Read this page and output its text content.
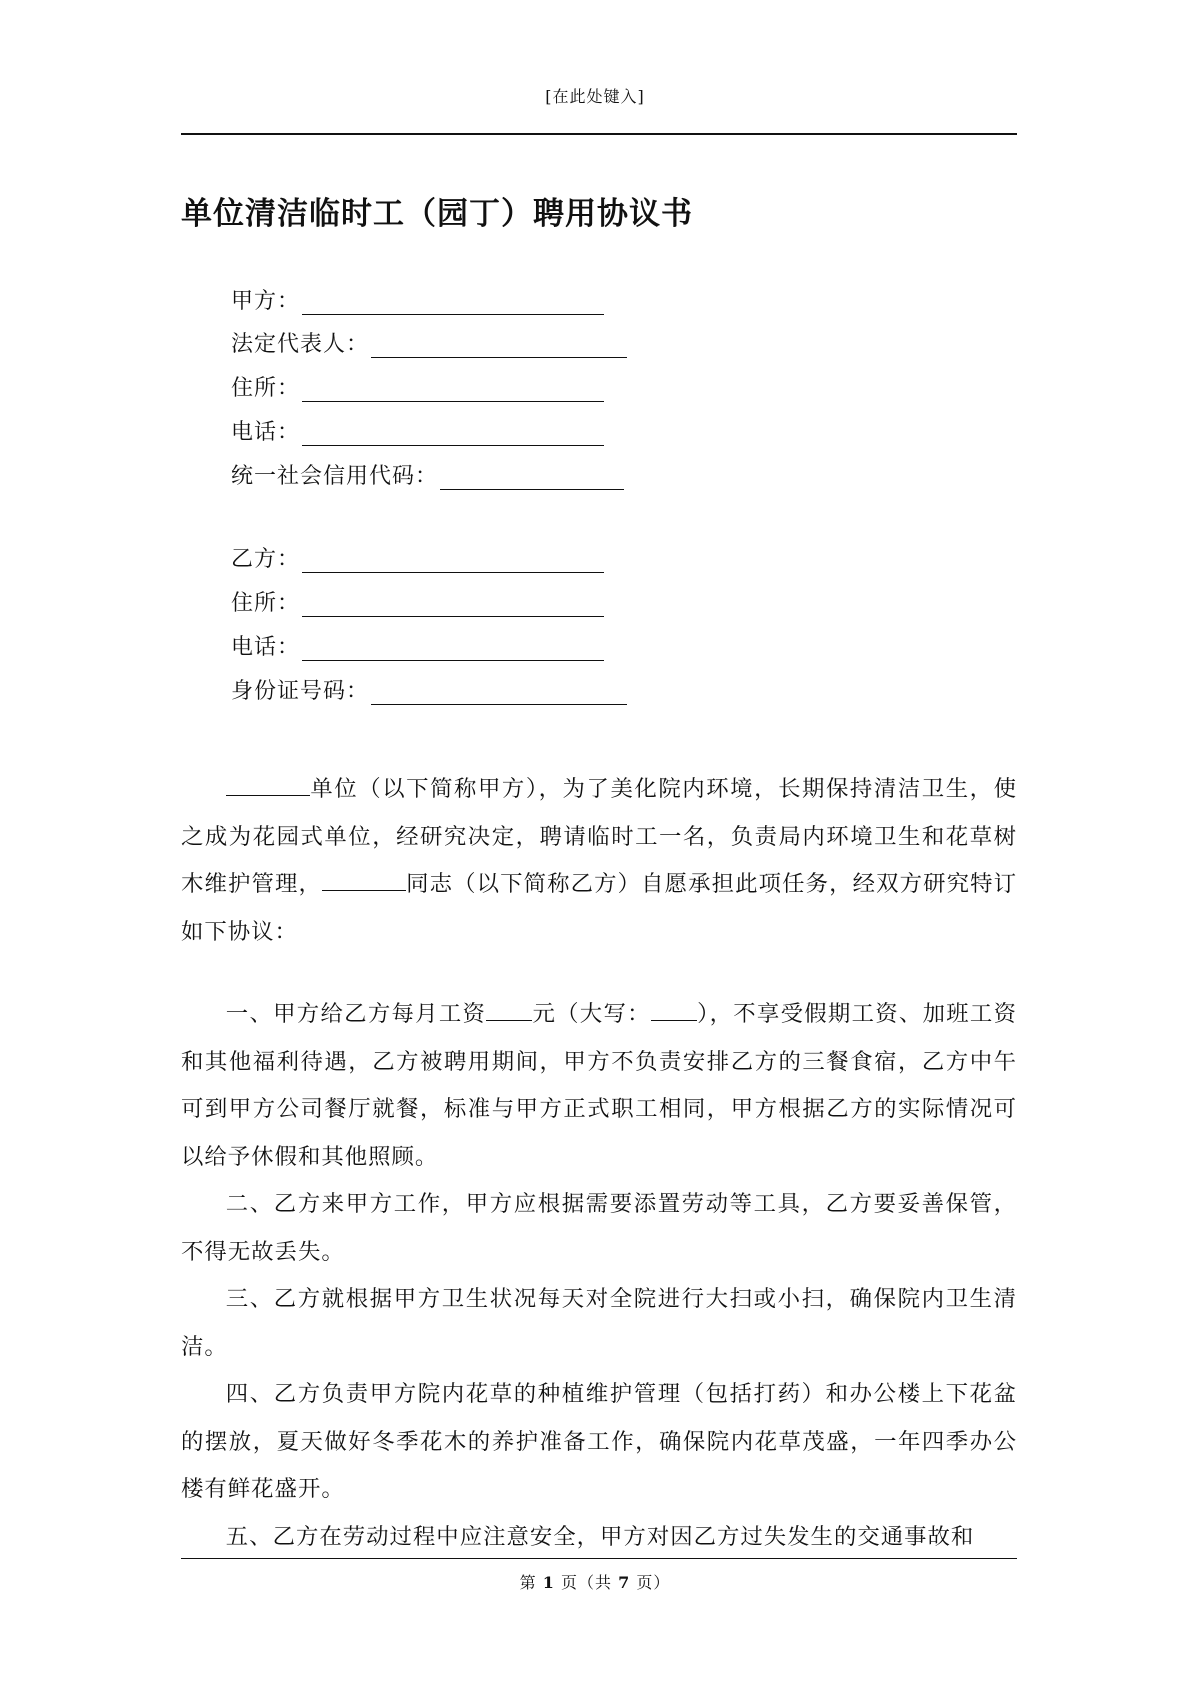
[在此处键入]
单位清洁临时工（园丁）聘用协议书
甲方：
法定代表人：
住所：
电话：
统一社会信用代码：
乙方：
住所：
电话：
身份证号码：

单位（以下简称甲方），为了美化院内环境，长期保持清洁卫生，使之成为花园式单位，经研究决定，聘请临时工一名，负责局内环境卫生和花草树木维护管理，	同志（以下简称乙方）自愿承担此项任务，经双方研究特订如下协议：

一、甲方给乙方每月工资 元（大写： ），不享受假期工资、加班工资和其他福利待遇，乙方被聘用期间，甲方不负责安排乙方的三餐食宿，乙方中午可到甲方公司餐厅就餐，标准与甲方正式职工相同，甲方根据乙方的实际情况可以给予休假和其他照顾。

二、乙方来甲方工作，甲方应根据需要添置劳动等工具，乙方要妥善保管，不得无故丢失。

三、乙方就根据甲方卫生状况每天对全院进行大扫或小扫，确保院内卫生清洁。

四、乙方负责甲方院内花草的种植维护管理（包括打药）和办公楼上下花盆的摆放，夏天做好冬季花木的养护准备工作，确保院内花草茂盛，一年四季办公楼有鲜花盛开。

五、乙方在劳动过程中应注意安全，甲方对因乙方过失发生的交通事故和

第 1 页（共 7 页）
